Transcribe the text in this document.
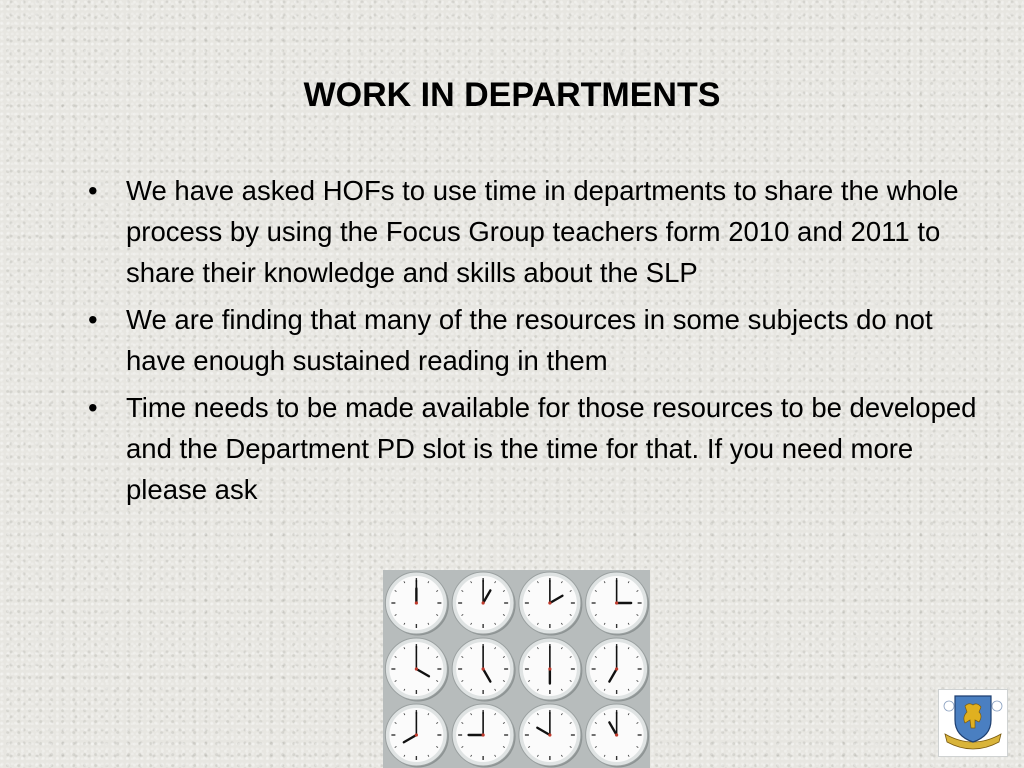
WORK IN DEPARTMENTS
• We have asked HOFs to use time in departments to share the whole process by using the Focus Group teachers form 2010 and 2011 to share their knowledge and skills about the SLP
• We are finding that many of the resources in some subjects do not have enough sustained reading in them
• Time needs to be made available for those resources to be developed and the Department PD slot is the time for that. If you need more please ask
